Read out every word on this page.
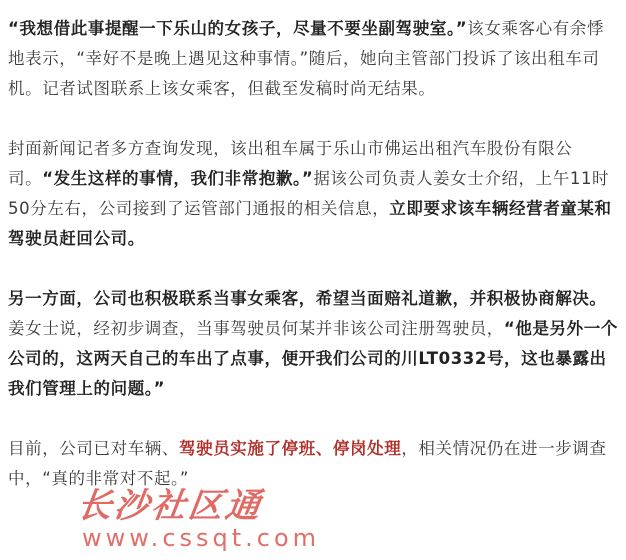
“我想借此事提醒一下乐山的女孩子，尽量不要坐副驾驶室。”该女乘客心有余悸地表示，“幸好不是晚上遇见这种事情。”随后，她向主管部门投诉了该出租车司机。记者试图联系上该女乘客，但截至发稿时尚无结果。

封面新闻记者多方查询发现，该出租车属于乐山市佛运出租汽车股份有限公司。“发生这样的事情，我们非常抱歉。”据该公司负责人姜女士介绍，上午11时50分左右，公司接到了运管部门通报的相关信息，立即要求该车辆经营者童某和驾驶员赶回公司。

另一方面，公司也积极联系当事女乘客，希望当面赔礼道歉，并积极协商解决。

姜女士说，经初步调查，当事驾驶员何某并非该公司注册驾驶员，“他是另外一个公司的，这两天自己的车出了点事，便开我们公司的川LT0332号，这也暴露出我们管理上的问题。”

目前，公司已对车辆、驾驶员实施了停班、停岗处理，相关情况仍在进一步调查中，“真的非常对不起。”

长沙社区通
www.cssqt.com
